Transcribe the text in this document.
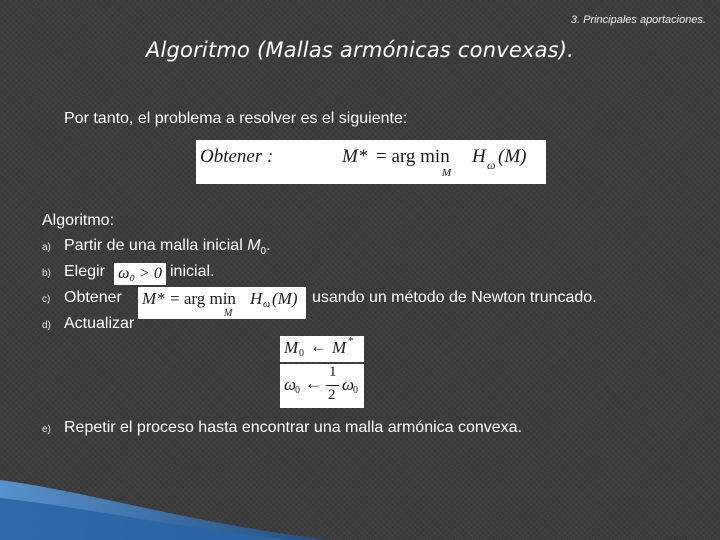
3. Principales aportaciones.
Algoritmo (Mallas armónicas convexas).
Por tanto, el problema a resolver es el siguiente:
Obtener :	M* = arg min
M
H ω (M)
Algoritmo:
a) Partir de una malla inicial $M_0$.
b) Elegir ω₀ > 0 inicial.
c) Obtener M* = arg min
M
H ω (M) usando un método de Newton truncado.
d) Actualizar
M 0 ← M *
ω
0 ←
1
2
ω
0
e) Repetir el proceso hasta encontrar una malla armónica convexa.
